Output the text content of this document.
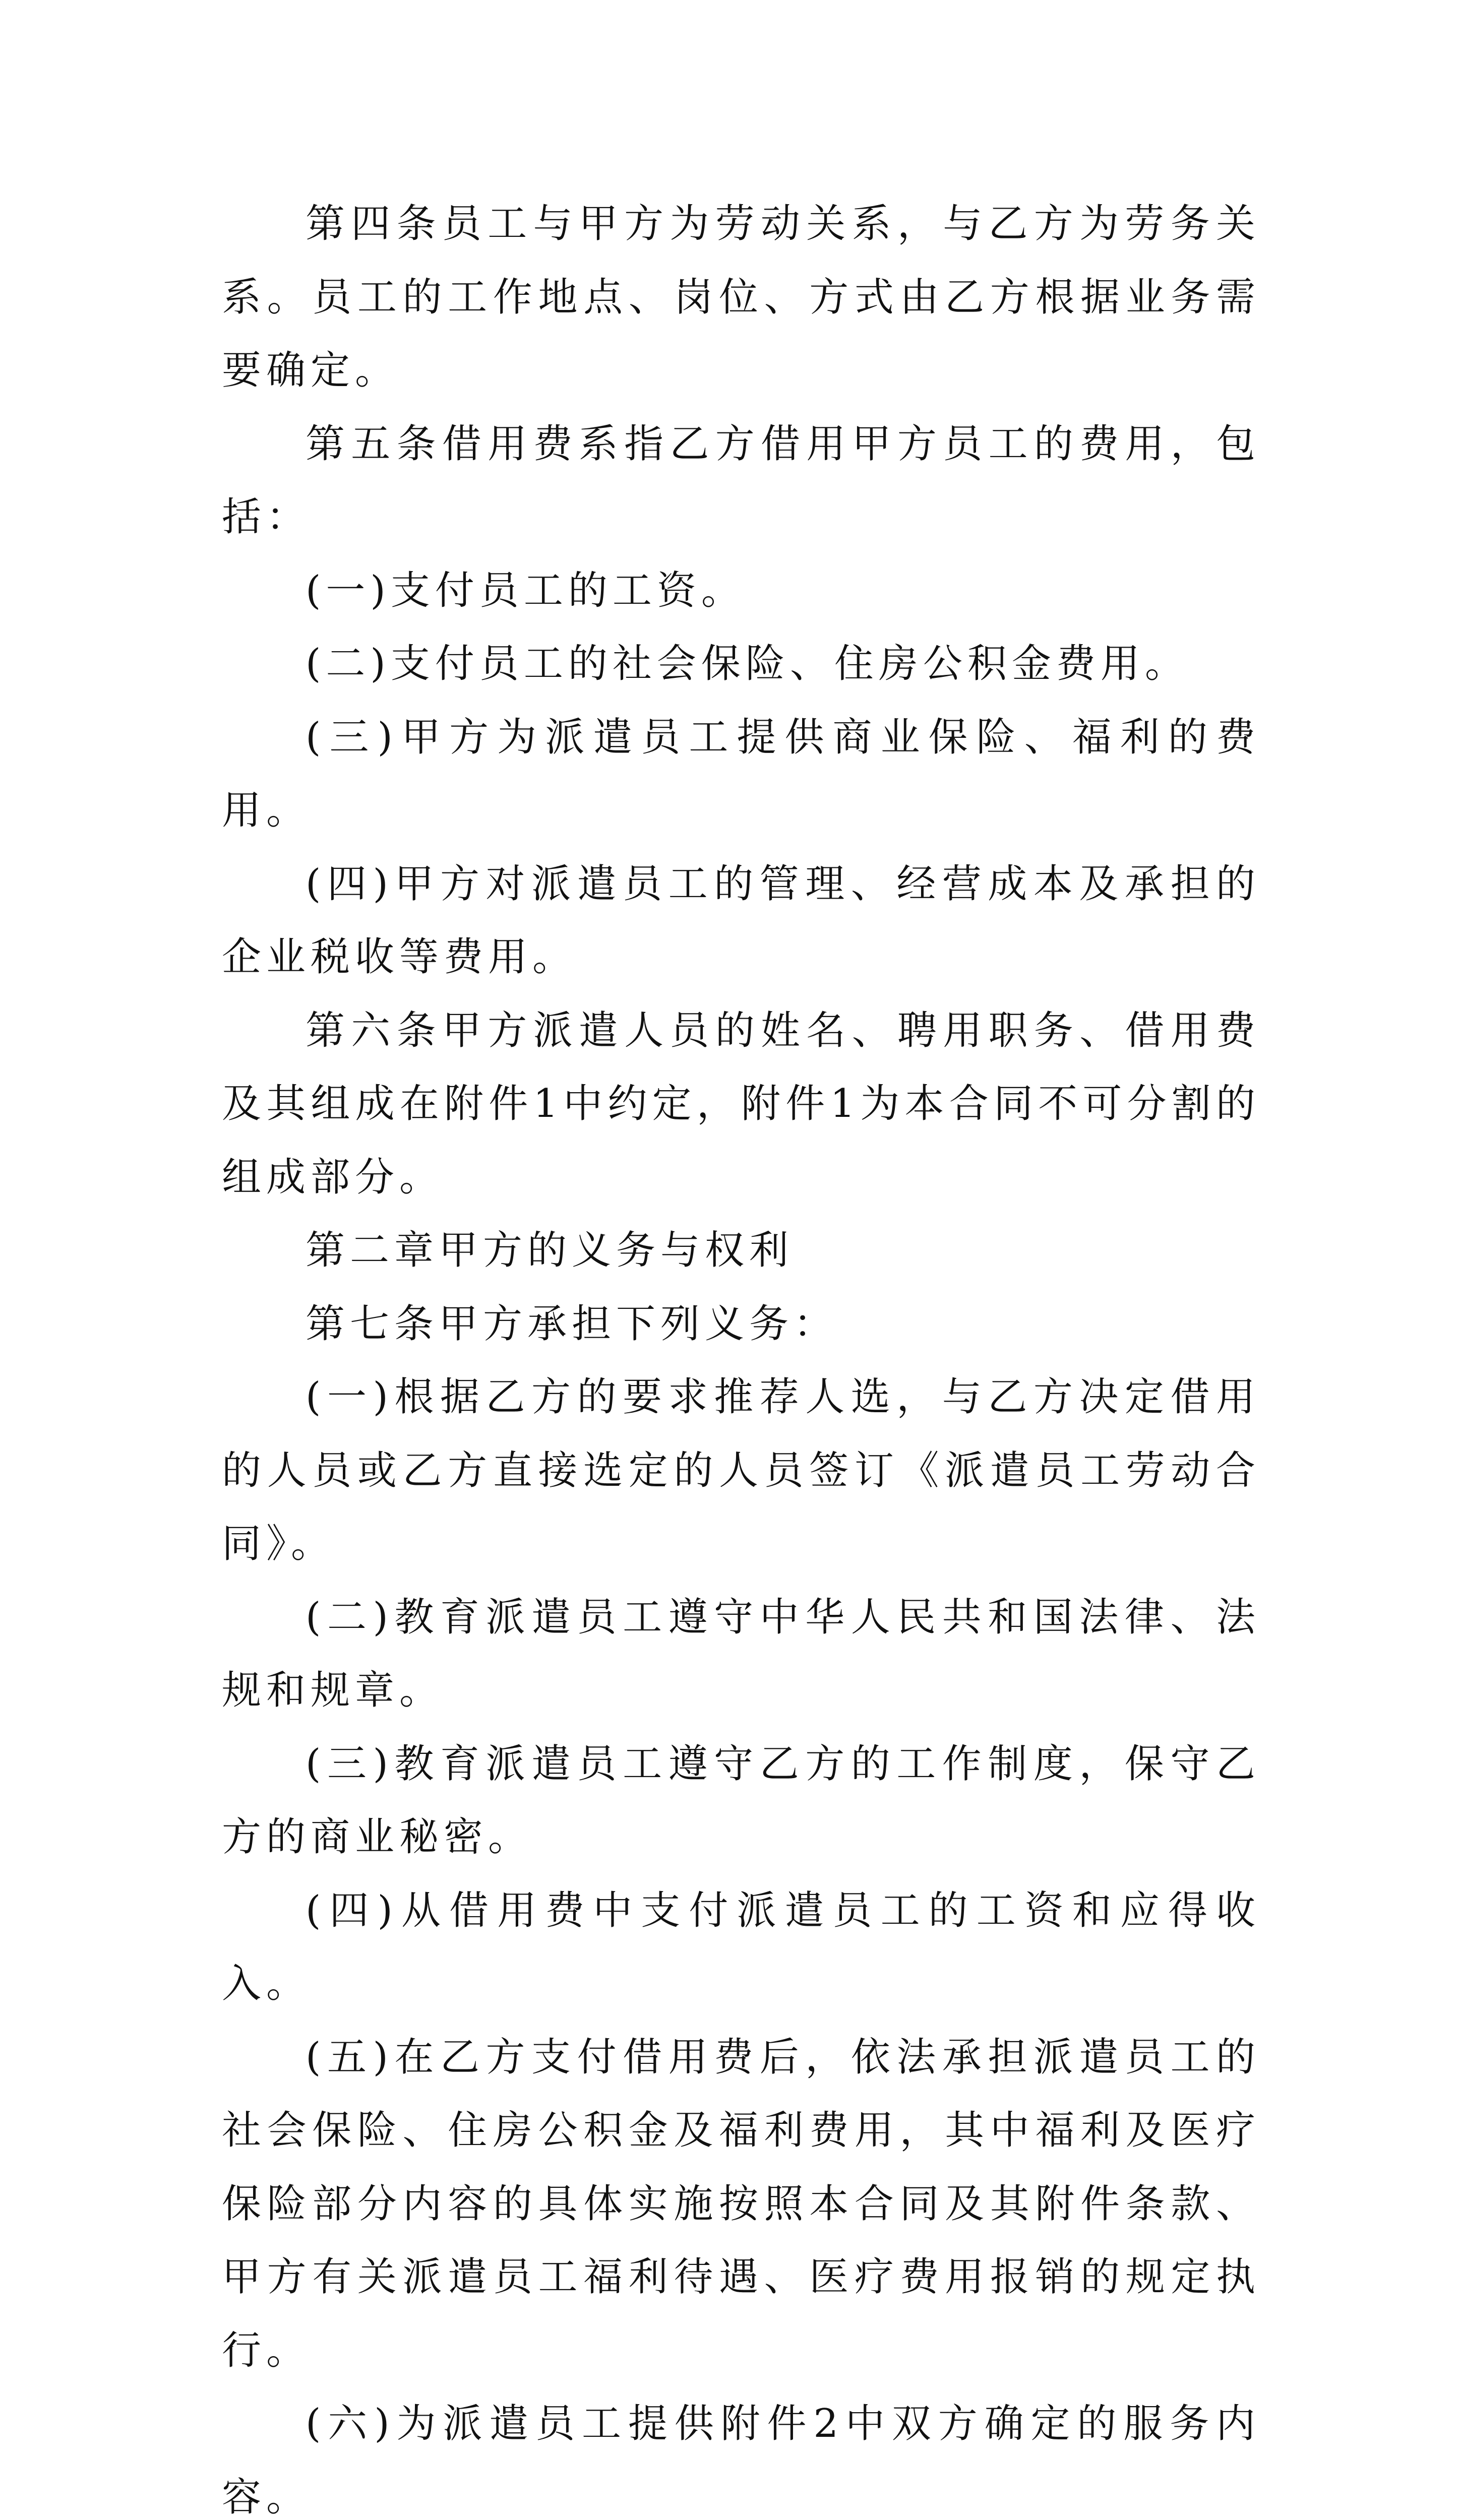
第四条员工与甲方为劳动关系，与乙方为劳务关系。员工的工作地点、岗位、方式由乙方根据业务需要确定。

第五条借用费系指乙方借用甲方员工的费用，包括：

(一)支付员工的工资。

(二)支付员工的社会保险、住房公积金费用。

(三)甲方为派遣员工提供商业保险、福利的费用。

(四)甲方对派遣员工的管理、经营成本及承担的企业税收等费用。

第六条甲方派遣人员的姓名、聘用职务、借用费及其组成在附件1中约定，附件1为本合同不可分割的组成部分。

第二章甲方的义务与权利

第七条甲方承担下列义务：

(一)根据乙方的要求推荐人选，与乙方决定借用的人员或乙方直接选定的人员签订《派遣员工劳动合同》。

(二)教育派遣员工遵守中华人民共和国法律、法规和规章。

(三)教育派遣员工遵守乙方的工作制度，保守乙方的商业秘密。

(四)从借用费中支付派遣员工的工资和应得收入。

(五)在乙方支付借用费后，依法承担派遣员工的社会保险、住房公积金及福利费用，其中福利及医疗保险部分内容的具体实施按照本合同及其附件条款、甲方有关派遣员工福利待遇、医疗费用报销的规定执行。

(六)为派遣员工提供附件2中双方确定的服务内容。
